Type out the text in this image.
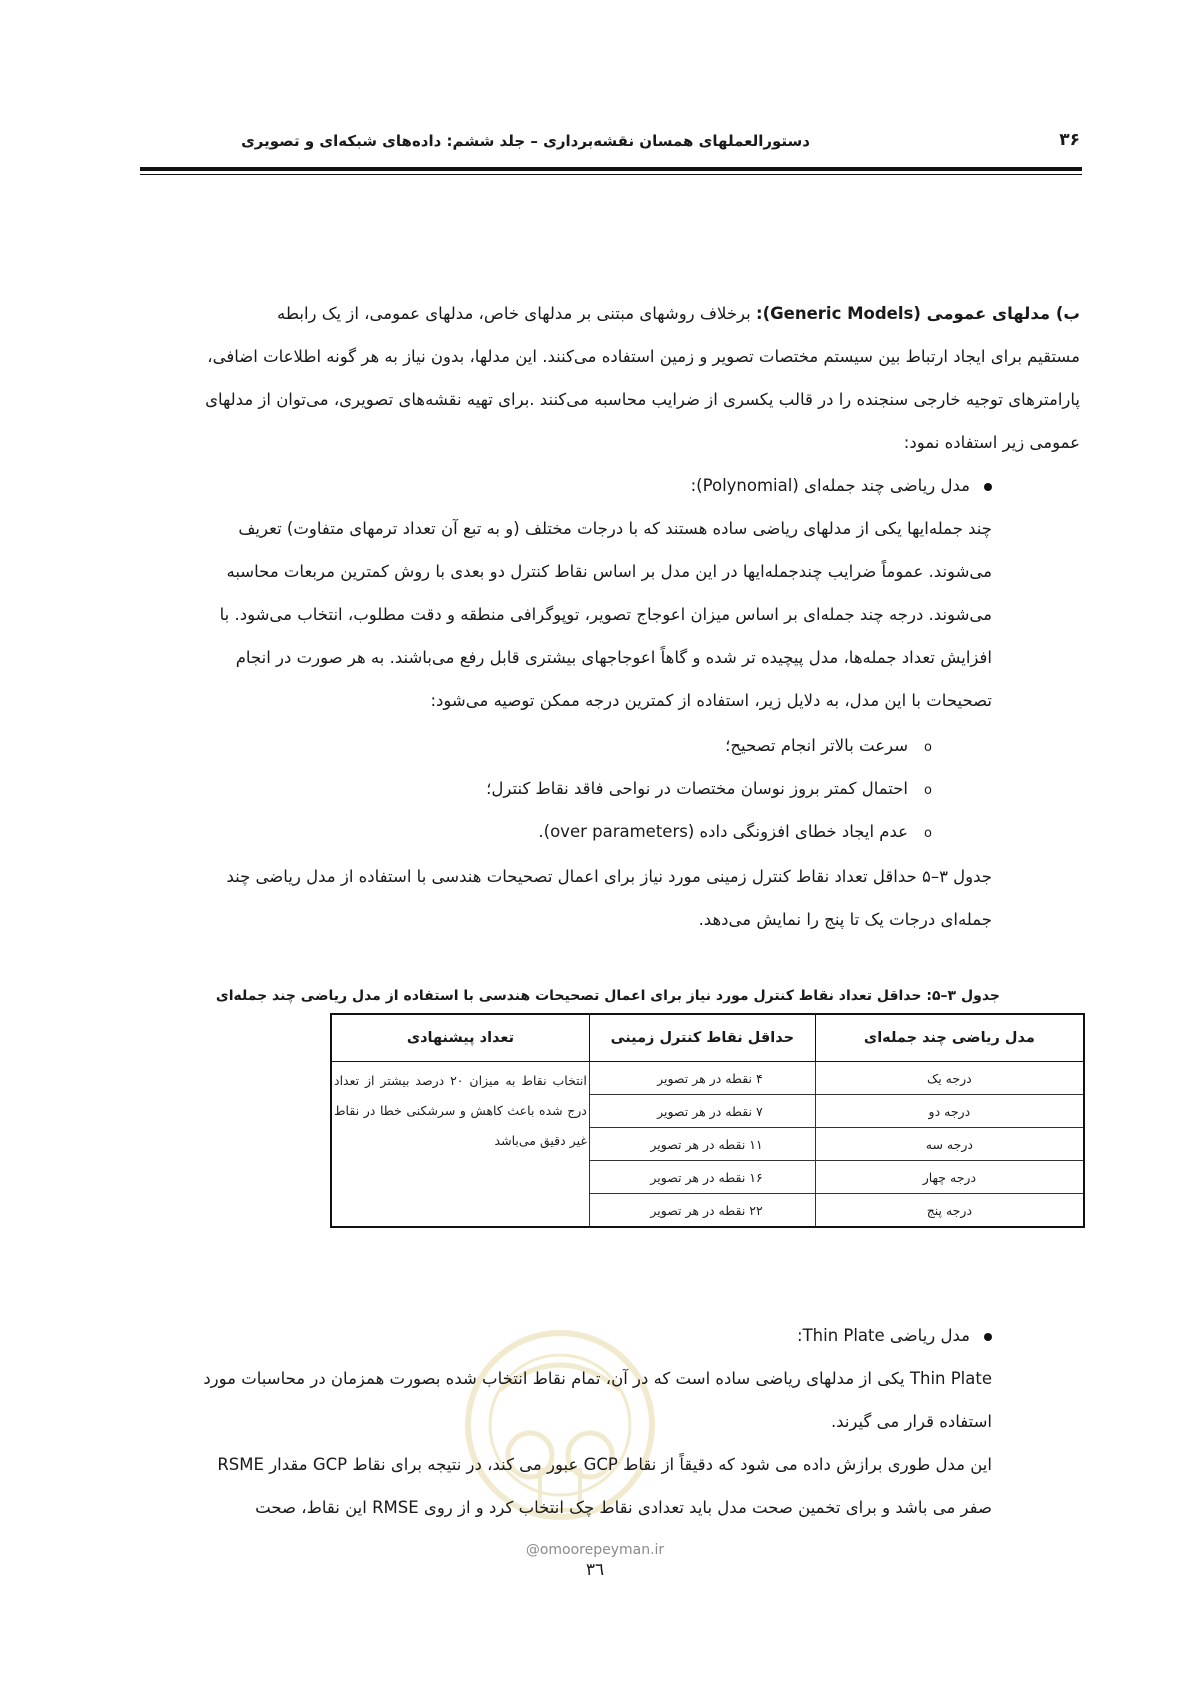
دستورالعملهای همسان نقشه‌برداری – جلد ششم: داده‌های شبکه‌ای و تصویری	۳۶

ب) مدلهای عمومی (Generic Models): برخلاف روشهای مبتنی بر مدلهای خاص، مدلهای عمومی، از یک رابطه

مستقیم برای ایجاد ارتباط بین سیستم مختصات تصویر و زمین استفاده می‌کنند. این مدلها، بدون نیاز به هر گونه اطلاعات اضافی،

پارامترهای توجیه خارجی سنجنده را در قالب یکسری از ضرایب محاسبه می‌کنند .برای تهیه نقشه‌های تصویری، می‌توان از مدلهای

عمومی زیر استفاده نمود:

مدل ریاضی چند جمله‌ای (Polynomial):

چند جمله‌ایها یکی از مدلهای ریاضی ساده هستند که با درجات مختلف (و به تبع آن تعداد ترمهای متفاوت) تعریف

می‌شوند. عموماً ضرایب چندجمله‌ایها در این مدل بر اساس نقاط کنترل دو بعدی با روش کمترین مربعات محاسبه

می‌شوند. درجه چند جمله‌ای بر اساس میزان اعوجاج تصویر، توپوگرافی منطقه و دقت مطلوب، انتخاب می‌شود. با

افزایش تعداد جمله‌ها، مدل پیچیده تر شده و گاهاً اعوجاجهای بیشتری قابل رفع می‌باشند. به هر صورت در انجام

تصحیحات با این مدل، به دلایل زیر، استفاده از کمترین درجه ممکن توصیه می‌شود:

oسرعت بالاتر انجام تصحیح؛
oاحتمال کمتر بروز نوسان مختصات در نواحی فاقد نقاط کنترل؛
oعدم ایجاد خطای افزونگی داده (over parameters).

جدول ۳–۵ حداقل تعداد نقاط کنترل زمینی مورد نیاز برای اعمال تصحیحات هندسی با استفاده از مدل ریاضی چند

جمله‌ای درجات یک تا پنج را نمایش می‌دهد.

جدول ۳–۵: حداقل تعداد نقاط کنترل مورد نیاز برای اعمال تصحیحات هندسی با استفاده از مدل ریاضی چند جمله‌ای
مدل ریاضی چند جمله‌ای	حداقل نقاط کنترل زمینی	تعداد پیشنهادی
درجه یک	۴ نقطه در هر تصویر	انتخاب نقاط به میزان ۲۰ درصد بیشتر از تعداد درج شده باعث کاهش و سرشکنی خطا در نقاط غیر دقیق می‌باشد
درجه دو	۷ نقطه در هر تصویر	
درجه سه	۱۱ نقطه در هر تصویر	
درجه چهار	۱۶ نقطه در هر تصویر	
درجه پنج	۲۲ نقطه در هر تصویر	
مدل ریاضی Thin Plate:

Thin Plate یکی از مدلهای ریاضی ساده است که در آن، تمام نقاط انتخاب شده بصورت همزمان در محاسبات مورد

استفاده قرار می گیرند.

این مدل طوری برازش داده می شود که دقیقاً از نقاط GCP عبور می کند، در نتیجه برای نقاط GCP مقدار RSME

صفر می باشد و برای تخمین صحت مدل باید تعدادی نقاط چک انتخاب کرد و از روی RMSE این نقاط، صحت

@omoorepeyman.ir
۳٦
